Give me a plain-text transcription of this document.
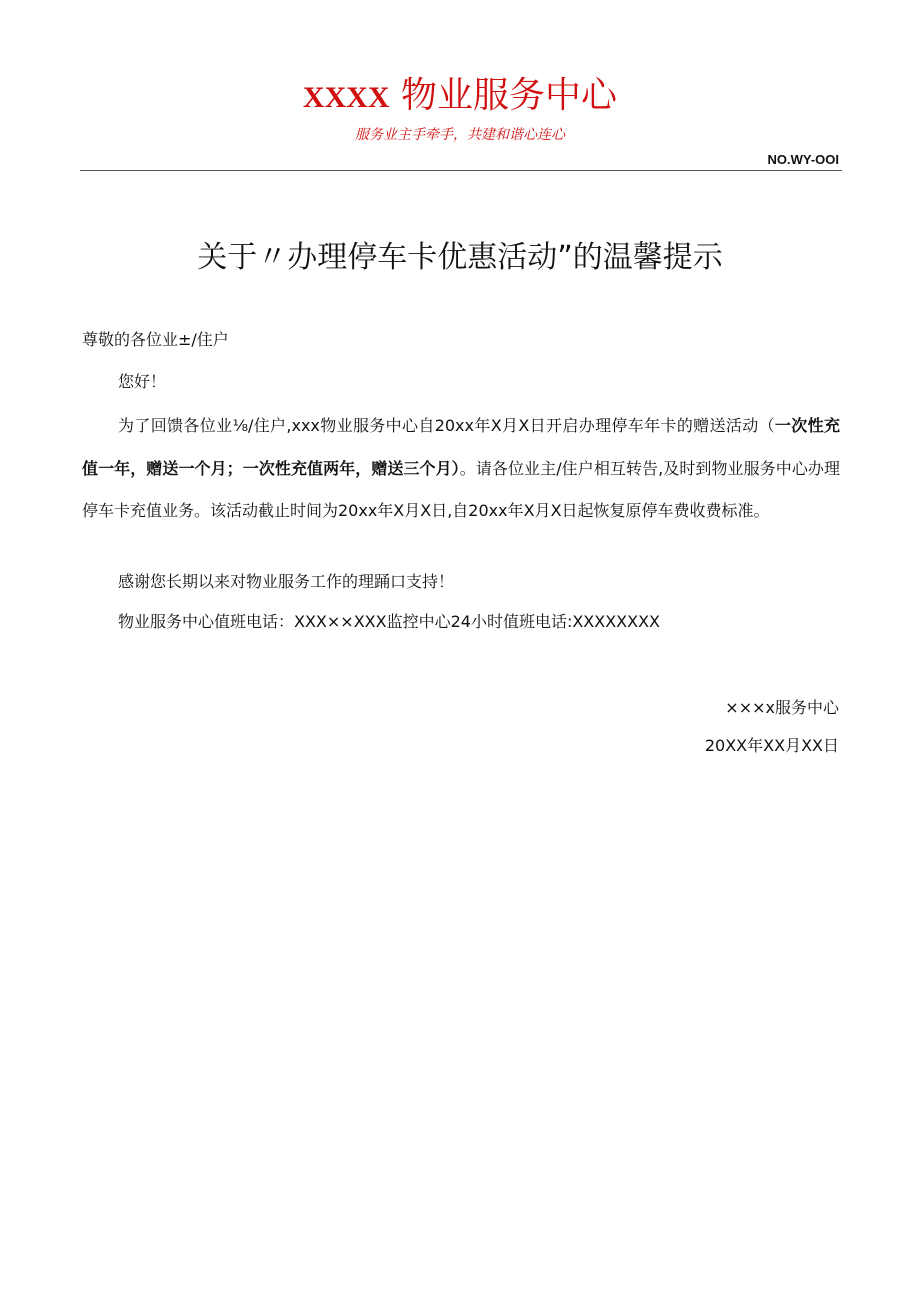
XXXX 物业服务中心
服务业主手牵手，共建和谐心连心
NO.WY-OOI
关于〃办理停车卡优惠活动”的温馨提示
尊敬的各位业±/住户
您好！
为了回馈各位业⅛/住户,xxx物业服务中心自20xx年X月X日开启办理停车年卡的赠送活动（一次性充值一年，赠送一个月；一次性充值两年，赠送三个月）。请各位业主/住户相互转告,及时到物业服务中心办理停车卡充值业务。该活动截止时间为20xx年X月X日,自20xx年X月X日起恢复原停车费收费标准。
感谢您长期以来对物业服务工作的理踊口支持！
物业服务中心值班电话：XXX××XXX监控中心24小时值班电话:XXXXXXXX
×××x服务中心
20XX年XX月XX日
